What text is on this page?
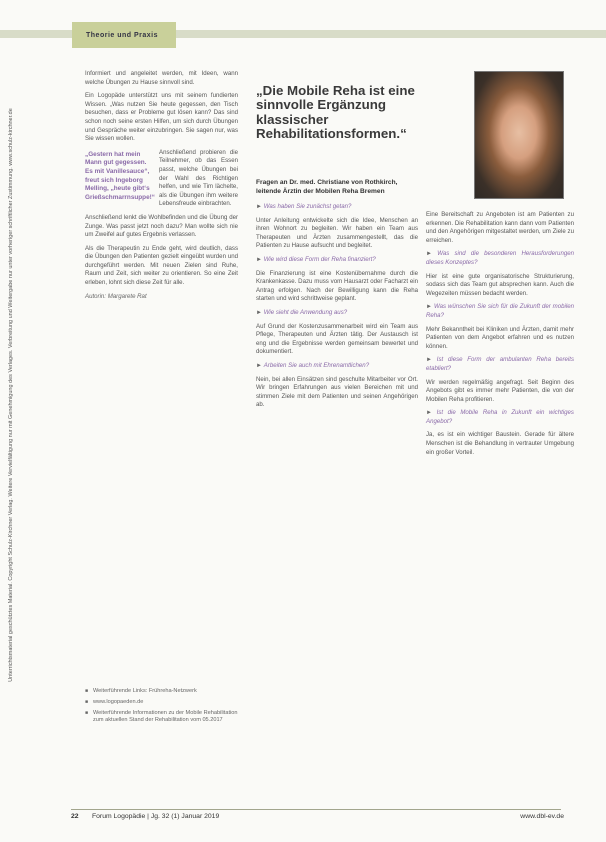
Unterrichtsmaterial geschütztes Material. Copyright Schulz-Kirchner Verlag. Weitere Vervielfältigung nur mit Genehmigung des Verlages. Verbreitung und Weitergabe nur unter vorheriger schriftlicher Zustimmung. www.schulz-kirchner.de
Theorie und Praxis

Informiert und angeleitet werden, mit Ideen, wann welche Übungen zu Hause sinnvoll sind.

Ein Logopäde unterstützt uns mit seinem fundierten Wissen. „Was nutzen Sie heute gegessen, den Tisch besuchen, dass er Probleme gut lösen kann? Das sind schon noch seine ersten Hilfen, um sich durch Übungen und Gespräche weiter einzubringen. Sie sagen nur, was Sie wissen wollen.

„Gestern hat mein Mann gut gegessen. Es mit Vanillesauce“, freut sich Ingeborg Melling, „heute gibt‘s Grießschmarrnsuppe!“

Anschließend probieren die Teilnehmer, ob das Essen passt, welche Übungen bei der Wahl des Richtigen helfen, und wie Tim lächelte, als die Übungen ihm weitere Lebensfreude einbrachten.

Anschließend lenkt die Wohlbefinden und die Übung der Zunge. Was passt jetzt noch dazu? Man wollte sich nie um Zweifel auf gutes Ergebnis verlassen.

Als die Therapeutin zu Ende geht, wird deutlich, dass die Übungen den Patienten gezielt eingeübt wurden und durchgeführt werden. Mit neuen Zielen sind Ruhe, Raum und Zeit, sich weiter zu orientieren. So eine Zeit erleben, lohnt sich diese Zeit für alle.

Autorin: Margarete Rat

■ Weiterführende Links: Frühreha-Netzwerk
■ www.logopaeden.de
■ Weiterführende Informationen zu der Mobile Rehabilitation zum aktuellen Stand der Rehabilitation vom 05.2017
„Die Mobile Reha ist eine sinnvolle Ergänzung klassischer Rehabilitationsformen.“
Fragen an Dr. med. Christiane von Rothkirch, leitende Ärztin der Mobilen Reha Bremen

► Was haben Sie zunächst getan?

Unter Anleitung entwickelte sich die Idee, Menschen an ihren Wohnort zu begleiten. Wir haben ein Team aus Therapeuten und Ärzten zusammengestellt, das die Patienten zu Hause aufsucht und begleitet.

► Wie wird diese Form der Reha finanziert?

Die Finanzierung ist eine Kostenübernahme durch die Krankenkasse. Dazu muss vom Hausarzt oder Facharzt ein Antrag erfolgen. Nach der Bewilligung kann die Reha starten und wird schrittweise geplant.

► Wie sieht die Anwendung aus?

Auf Grund der Kostenzusammenarbeit wird ein Team aus Pflege, Therapeuten und Ärzten tätig. Der Austausch ist eng und die Ergebnisse werden gemeinsam bewertet und dokumentiert.

► Arbeiten Sie auch mit Ehrenamtlichen?

Nein, bei allen Einsätzen sind geschulte Mitarbeiter vor Ort. Wir bringen Erfahrungen aus vielen Bereichen mit und stimmen Ziele mit dem Patienten und seinen Angehörigen ab.

Eine Bereitschaft zu Angeboten ist am Patienten zu erkennen. Die Rehabilitation kann dann vom Patienten und den Angehörigen mitgestaltet werden, um Ziele zu erreichen.

► Was sind die besonderen Herausforderungen dieses Konzeptes?

Hier ist eine gute organisatorische Strukturierung, sodass sich das Team gut absprechen kann. Auch die Wegezeiten müssen bedacht werden.

► Was wünschen Sie sich für die Zukunft der mobilen Reha?

Mehr Bekanntheit bei Kliniken und Ärzten, damit mehr Patienten von dem Angebot erfahren und es nutzen können.

► Ist diese Form der ambulanten Reha bereits etabliert?

Wir werden regelmäßig angefragt. Seit Beginn des Angebots gibt es immer mehr Patienten, die von der Mobilen Reha profitieren.

► Ist die Mobile Reha in Zukunft ein wichtiges Angebot?

Ja, es ist ein wichtiger Baustein. Gerade für ältere Menschen ist die Behandlung in vertrauter Umgebung ein großer Vorteil.

22 Forum Logopädie | Jg. 32 (1) Januar 2019	www.dbl-ev.de
